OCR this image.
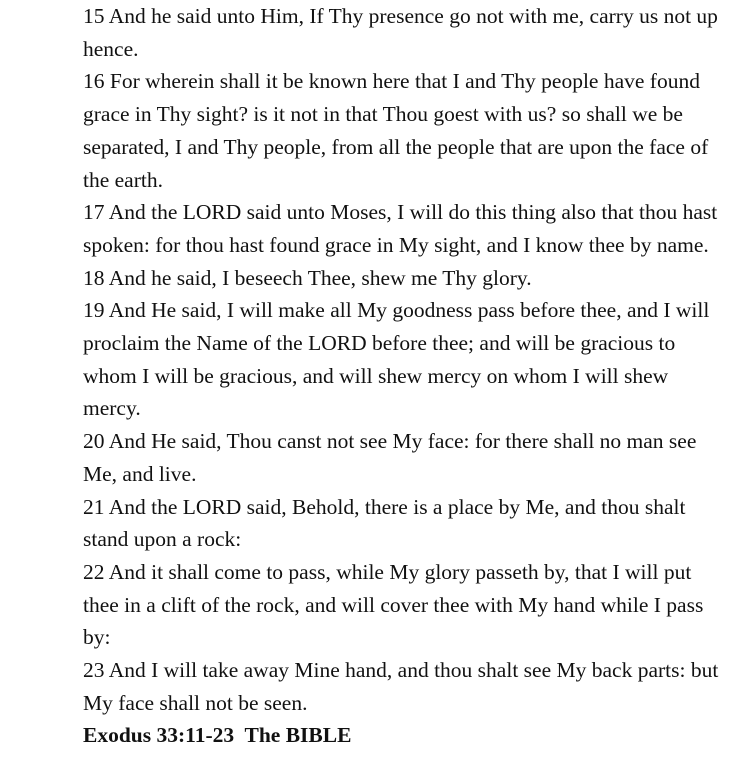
15 And he said unto Him, If Thy presence go not with me, carry us not up hence.

16 For wherein shall it be known here that I and Thy people have found grace in Thy sight? is it not in that Thou goest with us? so shall we be separated, I and Thy people, from all the people that are upon the face of the earth.

17 And the LORD said unto Moses, I will do this thing also that thou hast spoken: for thou hast found grace in My sight, and I know thee by name.

18 And he said, I beseech Thee, shew me Thy glory.

19 And He said, I will make all My goodness pass before thee, and I will proclaim the Name of the LORD before thee; and will be gracious to whom I will be gracious, and will shew mercy on whom I will shew mercy.

20 And He said, Thou canst not see My face: for there shall no man see Me, and live.

21 And the LORD said, Behold, there is a place by Me, and thou shalt stand upon a rock:

22 And it shall come to pass, while My glory passeth by, that I will put thee in a clift of the rock, and will cover thee with My hand while I pass by:

23 And I will take away Mine hand, and thou shalt see My back parts: but My face shall not be seen.

Exodus 33:11-23  The BIBLE
